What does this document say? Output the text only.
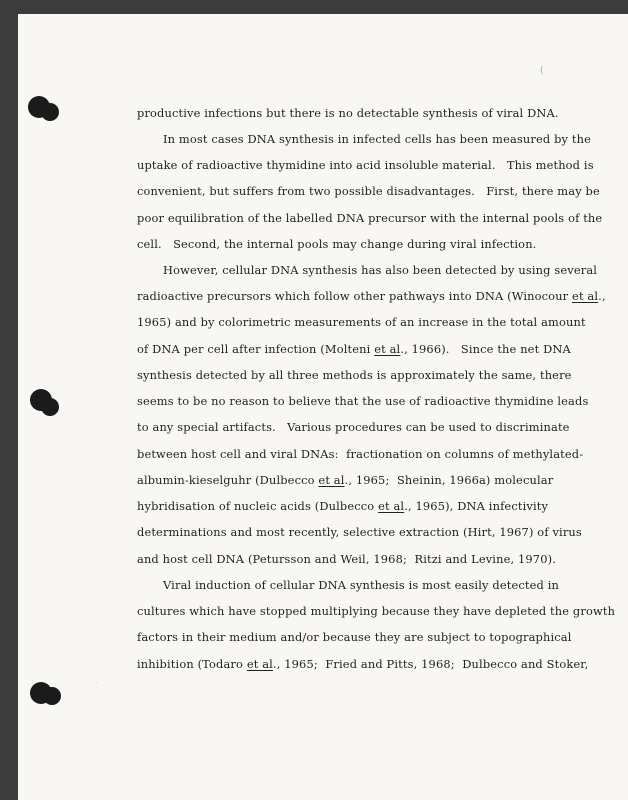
(
·

productive infections but there is no detectable synthesis of viral DNA.

In most cases DNA synthesis in infected cells has been measured by the

uptake of radioactive thymidine into acid insoluble material.   This method is

convenient, but suffers from two possible disadvantages.   First, there may be

poor equilibration of the labelled DNA precursor with the internal pools of the

cell.   Second, the internal pools may change during viral infection.

However, cellular DNA synthesis has also been detected by using several

radioactive precursors which follow other pathways into DNA (Winocour et al.,

1965) and by colorimetric measurements of an increase in the total amount

of DNA per cell after infection (Molteni et al., 1966).   Since the net DNA

synthesis detected by all three methods is approximately the same, there

seems to be no reason to believe that the use of radioactive thymidine leads

to any special artifacts.   Various procedures can be used to discriminate

between host cell and viral DNAs:  fractionation on columns of methylated-

albumin-kieselguhr (Dulbecco et al., 1965;  Sheinin, 1966a) molecular

hybridisation of nucleic acids (Dulbecco et al., 1965), DNA infectivity

determinations and most recently, selective extraction (Hirt, 1967) of virus

and host cell DNA (Petursson and Weil, 1968;  Ritzi and Levine, 1970).

Viral induction of cellular DNA synthesis is most easily detected in

cultures which have stopped multiplying because they have depleted the growth

factors in their medium and/or because they are subject to topographical

inhibition (Todaro et al., 1965;  Fried and Pitts, 1968;  Dulbecco and Stoker,
